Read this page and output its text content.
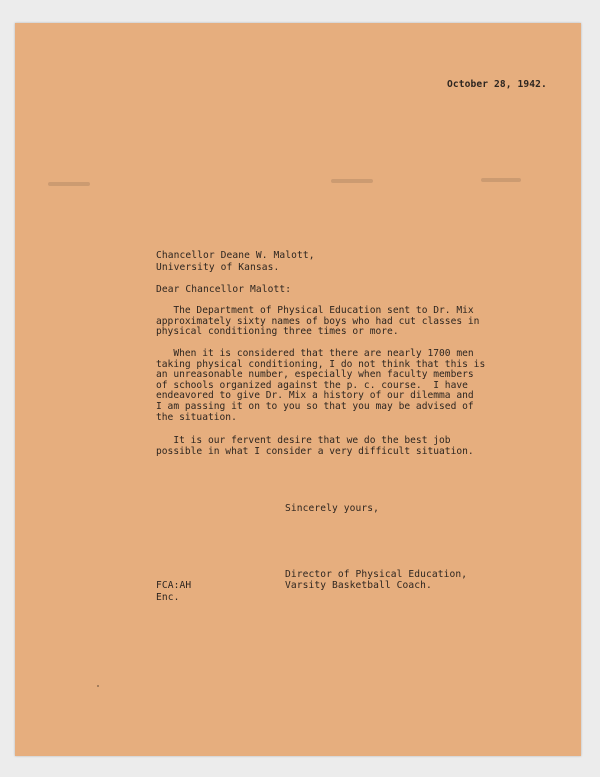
October 28, 1942.

Chancellor Deane W. Malott,

University of Kansas.

Dear Chancellor Malott:

The Department of Physical Education sent to Dr. Mix
approximately sixty names of boys who had cut classes in
physical conditioning three times or more.
When it is considered that there are nearly 1700 men
taking physical conditioning, I do not think that this is
an unreasonable number, especially when faculty members
of schools organized against the p. c. course.  I have
endeavored to give Dr. Mix a history of our dilemma and
I am passing it on to you so that you may be advised of
the situation.
It is our fervent desire that we do the best job
possible in what I consider a very difficult situation.

Sincerely yours,

Director of Physical Education,

Varsity Basketball Coach.

FCA:AH

Enc.
